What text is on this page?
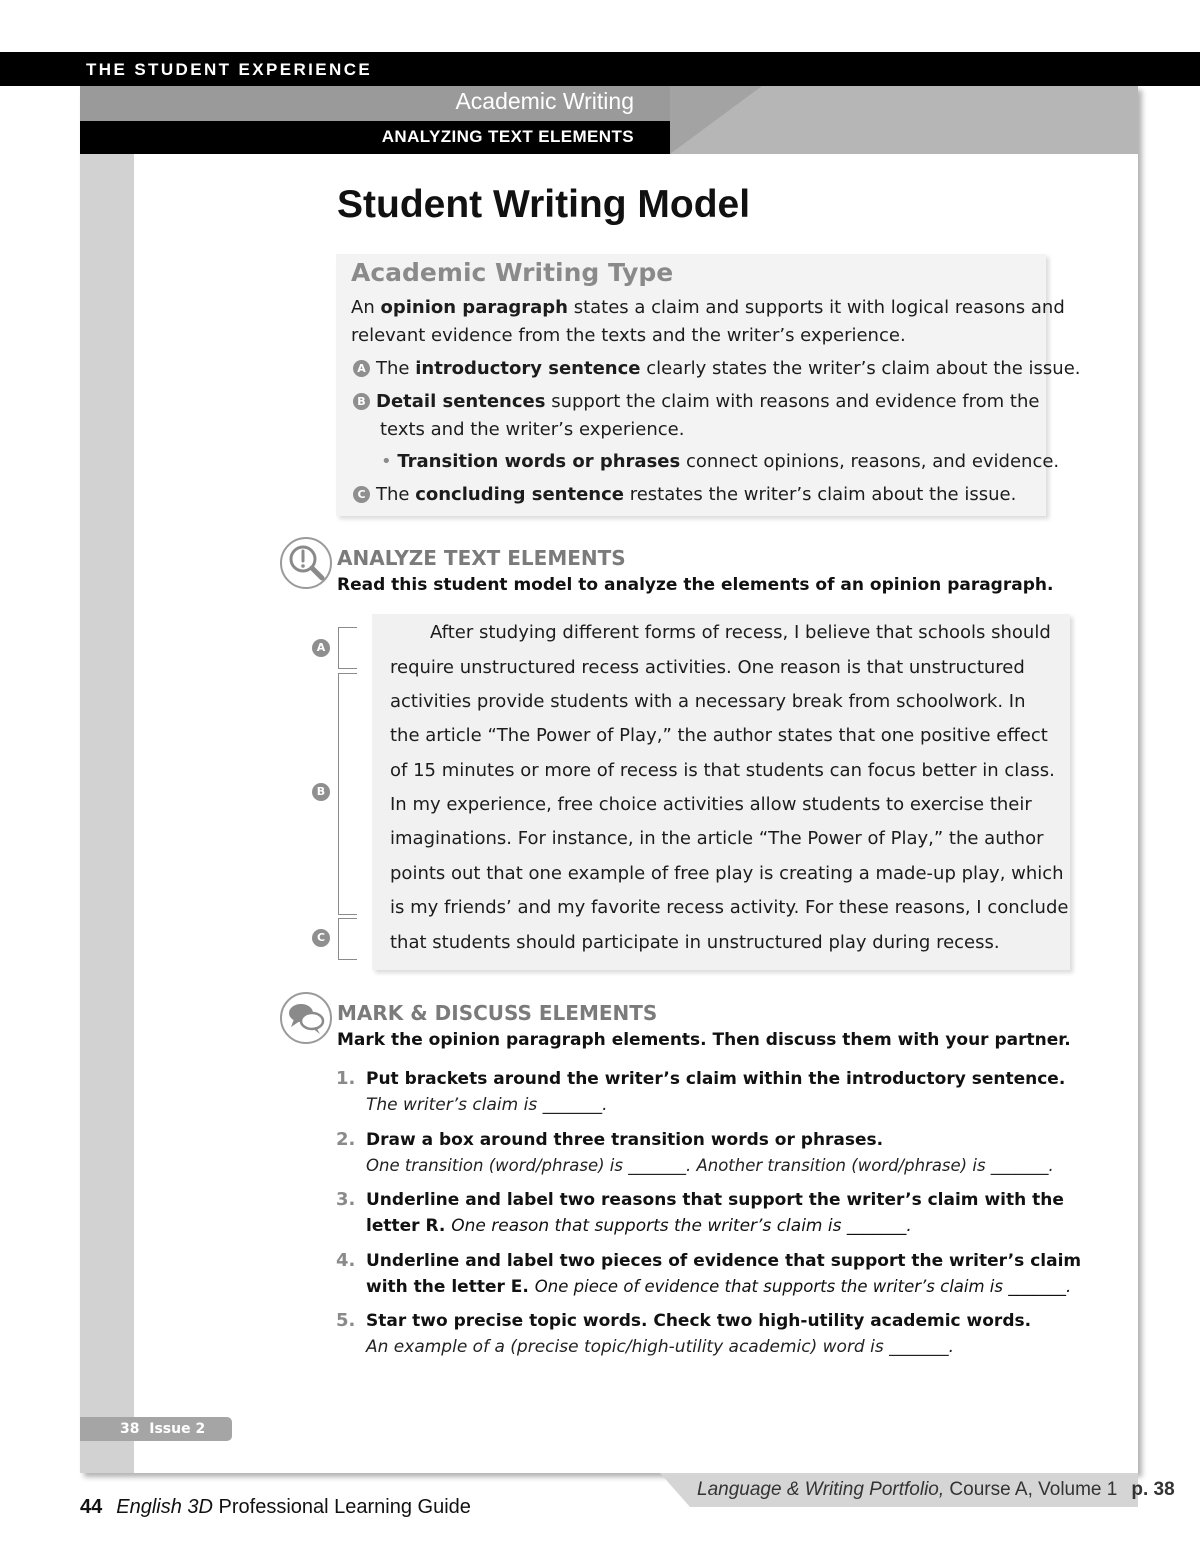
THE STUDENT EXPERIENCE
Academic Writing
ANALYZING TEXT ELEMENTS
Student Writing Model
Academic Writing Type
An opinion paragraph states a claim and supports it with logical reasons and
relevant evidence from the texts and the writer’s experience.
A The introductory sentence clearly states the writer’s claim about the issue.
B Detail sentences support the claim with reasons and evidence from the
texts and the writer’s experience.
• Transition words or phrases connect opinions, reasons, and evidence.
C The concluding sentence restates the writer’s claim about the issue.
ANALYZE TEXT ELEMENTS
Read this student model to analyze the elements of an opinion paragraph.
After studying different forms of recess, I believe that schools should
require unstructured recess activities. One reason is that unstructured
activities provide students with a necessary break from schoolwork. In
the article “The Power of Play,” the author states that one positive effect
of 15 minutes or more of recess is that students can focus better in class.
In my experience, free choice activities allow students to exercise their
imaginations. For instance, in the article “The Power of Play,” the author
points out that one example of free play is creating a made-up play, which
is my friends’ and my favorite recess activity. For these reasons, I conclude
that students should participate in unstructured play during recess.
A
B
C
MARK & DISCUSS ELEMENTS
Mark the opinion paragraph elements. Then discuss them with your partner.
1. Put brackets around the writer’s claim within the introductory sentence.
The writer’s claim is _______.
2. Draw a box around three transition words or phrases.
One transition (word/phrase) is _______. Another transition (word/phrase) is _______.
3. Underline and label two reasons that support the writer’s claim with the
letter R. One reason that supports the writer’s claim is _______.
4. Underline and label two pieces of evidence that support the writer’s claim
with the letter E. One piece of evidence that supports the writer’s claim is _______.
5. Star two precise topic words. Check two high-utility academic words.
An example of a (precise topic/high-utility academic) word is _______.
38  Issue 2
Language & Writing Portfolio, Course A, Volume 1 p. 38
44 English 3D Professional Learning Guide
